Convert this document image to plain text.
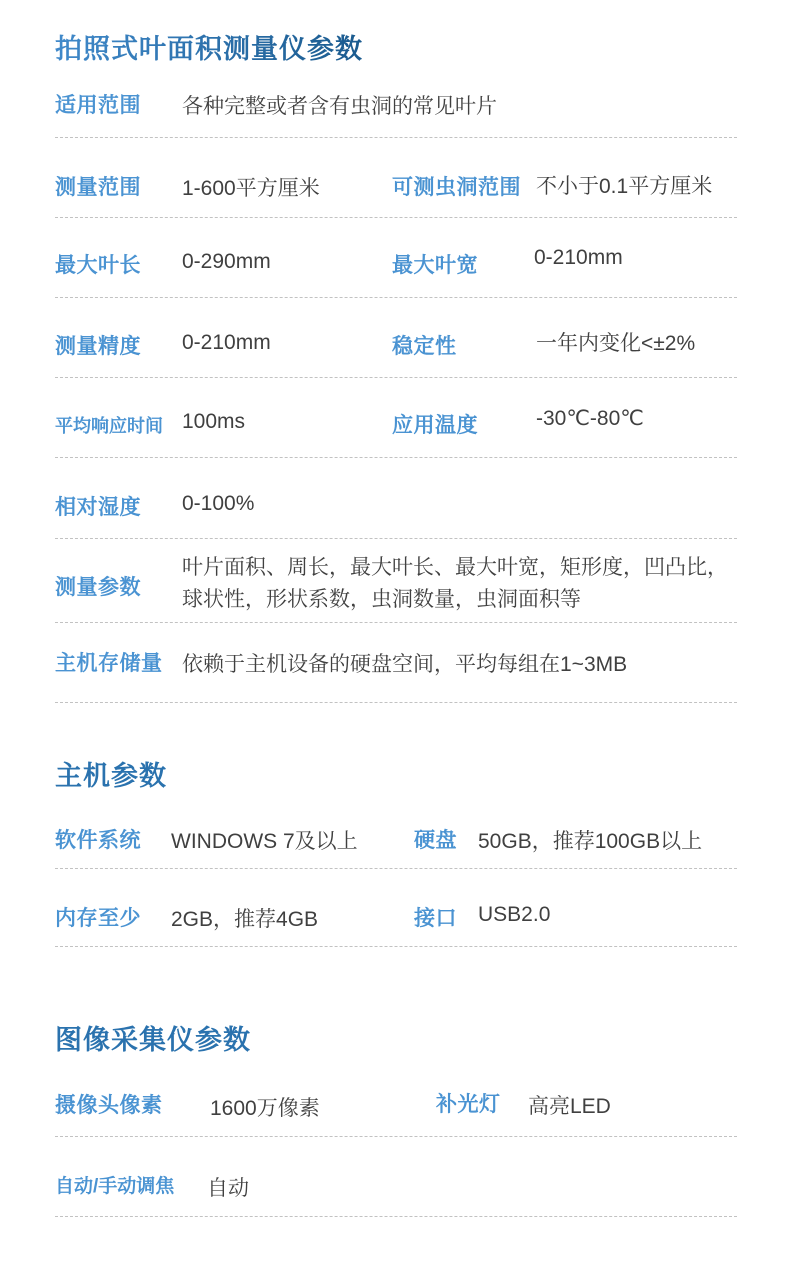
拍照式叶面积测量仪参数
适用范围 各种完整或者含有虫洞的常见叶片
测量范围 1-600平方厘米	可测虫洞范围 不小于0.1平方厘米
最大叶长 0-290mm	最大叶宽	0-210mm
测量精度 0-210mm	稳定性	一年内变化<±2%
平均响应时间 100ms	应用温度	-30℃-80℃
相对湿度 0-100%
测量参数
叶片面积、周长，最大叶长、最大叶宽，矩形度，凹凸比，球状性，形状系数，虫洞数量，虫洞面积等
主机存储量 依赖于主机设备的硬盘空间，平均每组在1~3MB
主机参数
软件系统 WINDOWS 7及以上	硬盘 50GB，推荐100GB以上
内存至少 2GB，推荐4GB	接口 USB2.0
图像采集仪参数
摄像头像素 1600万像素	补光灯 高亮LED
自动/手动调焦 自动
